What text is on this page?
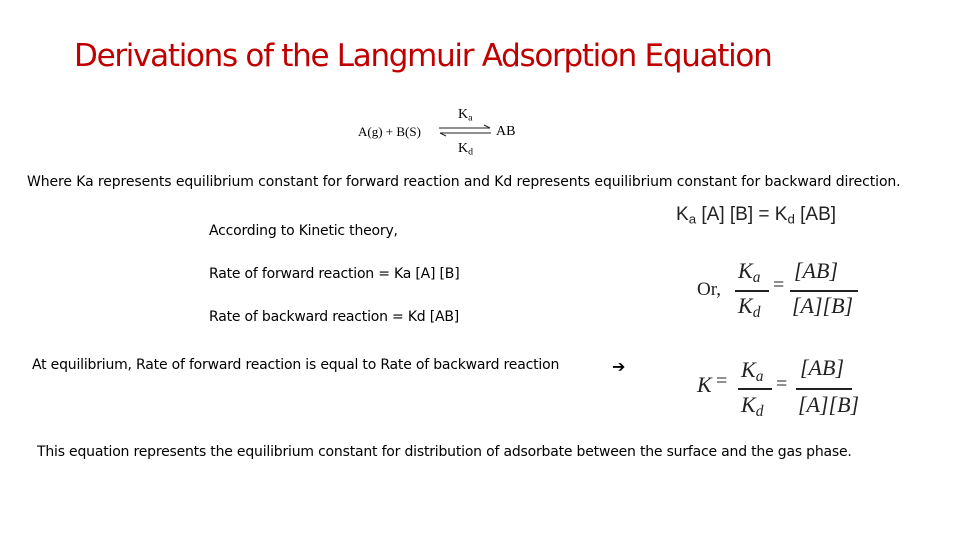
Derivations of the Langmuir Adsorption Equation
A(g) + B(S)
$K_a$
$K_d$
AB
Where Ka represents equilibrium constant for forward reaction and Kd represents equilibrium constant for backward direction.
According to Kinetic theory,
Rate of forward reaction = Ka [A] [B]
Rate of backward reaction = Kd [AB]
At equilibrium, Rate of forward reaction is equal to Rate of backward reaction	➔
This equation represents the equilibrium constant for distribution of adsorbate between the surface and the gas phase.
$K_a$ [A] $[B] = K_d$ [AB]
Or,
$K_a$
$K_d$
=
[AB]
[A][B]
$K = K_a$
$K_d$
=
[AB]
[A][B]
